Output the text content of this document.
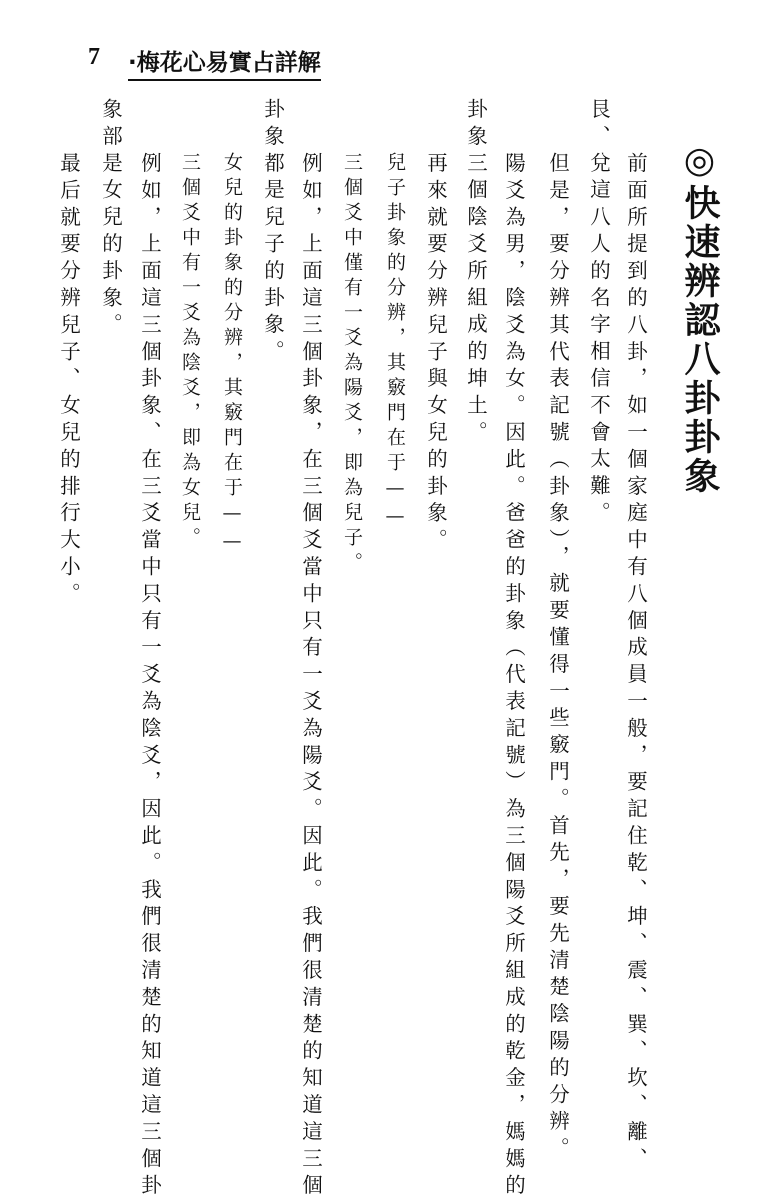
7 ·梅花心易實占詳解
◎快速辨認八卦卦象
前面所提到的八卦，如一個家庭中有八個成員一般，要記住乾、坤、震、巽、坎、離、
艮、兌這八人的名字相信不會太難。
但是，要分辨其代表記號（卦象），就要懂得一些竅門。首先，要先清楚陰陽的分辨。
陽爻為男，陰爻為女。因此。爸爸的卦象（代表記號）為三個陽爻所組成的乾金，媽媽的
卦象三個陰爻所組成的坤土。
再來就要分辨兒子與女兒的卦象。
兒子卦象的分辨，其竅門在于——
三個爻中僅有一爻為陽爻，即為兒子。
例如，上面這三個卦象，在三個爻當中只有一爻為陽爻。因此。我們很清楚的知道這三個
卦象都是兒子的卦象。
女兒的卦象的分辨，其竅門在于——
三個爻中有一爻為陰爻，即為女兒。
例如，上面這三個卦象、在三爻當中只有一爻為陰爻，因此。我們很清楚的知道這三個卦
象部是女兒的卦象。
最后就要分辨兒子、女兒的排行大小。
